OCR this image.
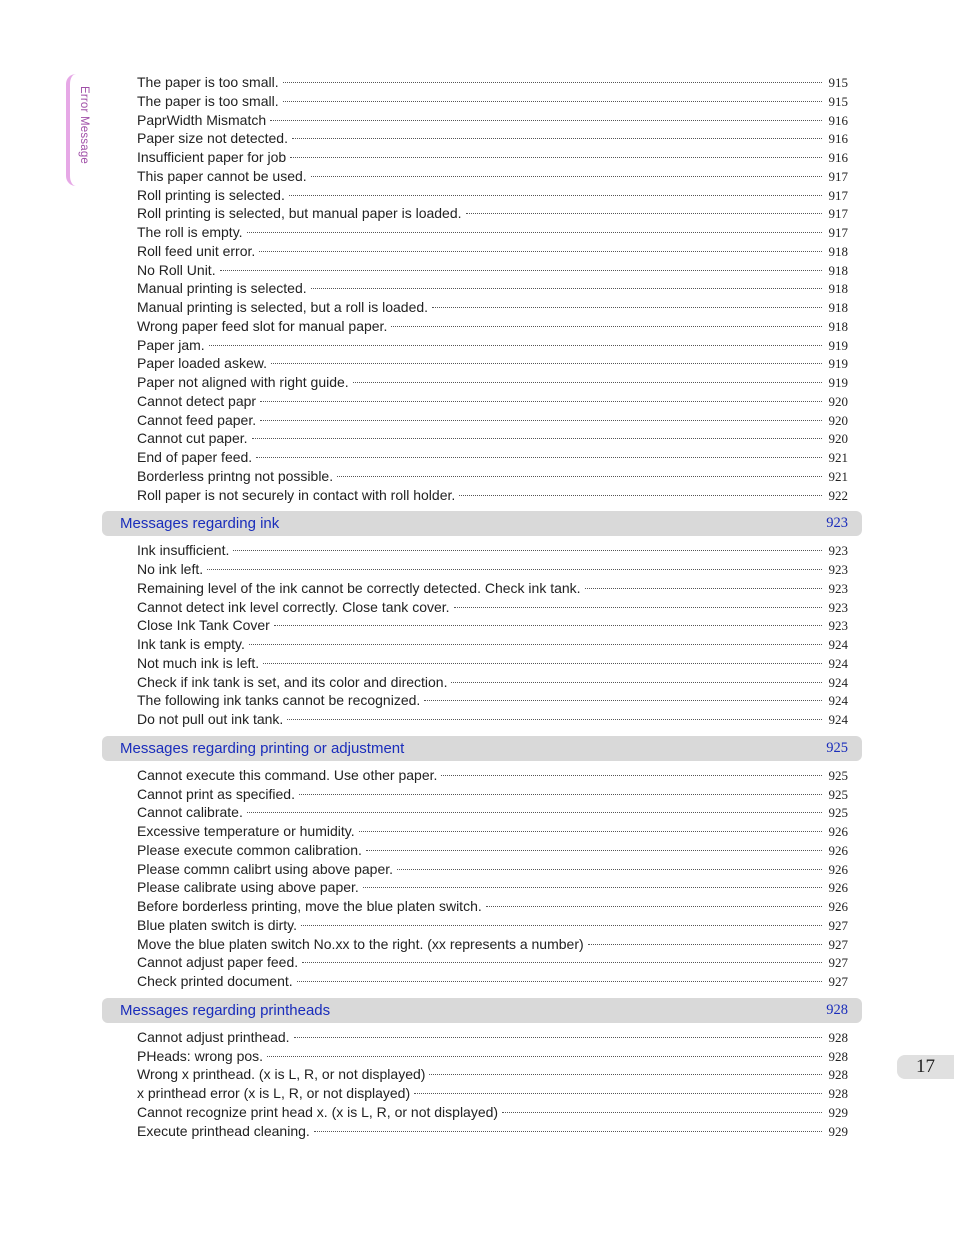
Error Message
The paper is too small.	915
The paper is too small.	915
PaprWidth Mismatch	916
Paper size not detected.	916
Insufficient paper for job	916
This paper cannot be used.	917
Roll printing is selected.	917
Roll printing is selected, but manual paper is loaded.	917
The roll is empty.	917
Roll feed unit error.	918
No Roll Unit.	918
Manual printing is selected.	918
Manual printing is selected, but a roll is loaded.	918
Wrong paper feed slot for manual paper.	918
Paper jam.	919
Paper loaded askew.	919
Paper not aligned with right guide.	919
Cannot detect papr	920
Cannot feed paper.	920
Cannot cut paper.	920
End of paper feed.	921
Borderless printng not possible.	921
Roll paper is not securely in contact with roll holder.	922
Messages regarding ink	923
Ink insufficient.	923
No ink left.	923
Remaining level of the ink cannot be correctly detected. Check ink tank.	923
Cannot detect ink level correctly. Close tank cover.	923
Close Ink Tank Cover	923
Ink tank is empty.	924
Not much ink is left.	924
Check if ink tank is set, and its color and direction.	924
The following ink tanks cannot be recognized.	924
Do not pull out ink tank.	924
Messages regarding printing or adjustment	925
Cannot execute this command. Use other paper.	925
Cannot print as specified.	925
Cannot calibrate.	925
Excessive temperature or humidity.	926
Please execute common calibration.	926
Please commn calibrt using above paper.	926
Please calibrate using above paper.	926
Before borderless printing, move the blue platen switch.	926
Blue platen switch is dirty.	927
Move the blue platen switch No.xx to the right. (xx represents a number)	927
Cannot adjust paper feed.	927
Check printed document.	927
Messages regarding printheads	928
Cannot adjust printhead.	928
PHeads: wrong pos.	928
Wrong x printhead. (x is L, R, or not displayed)	928
x printhead error (x is L, R, or not displayed)	928
Cannot recognize print head x. (x is L, R, or not displayed)	929
Execute printhead cleaning.	929
17
